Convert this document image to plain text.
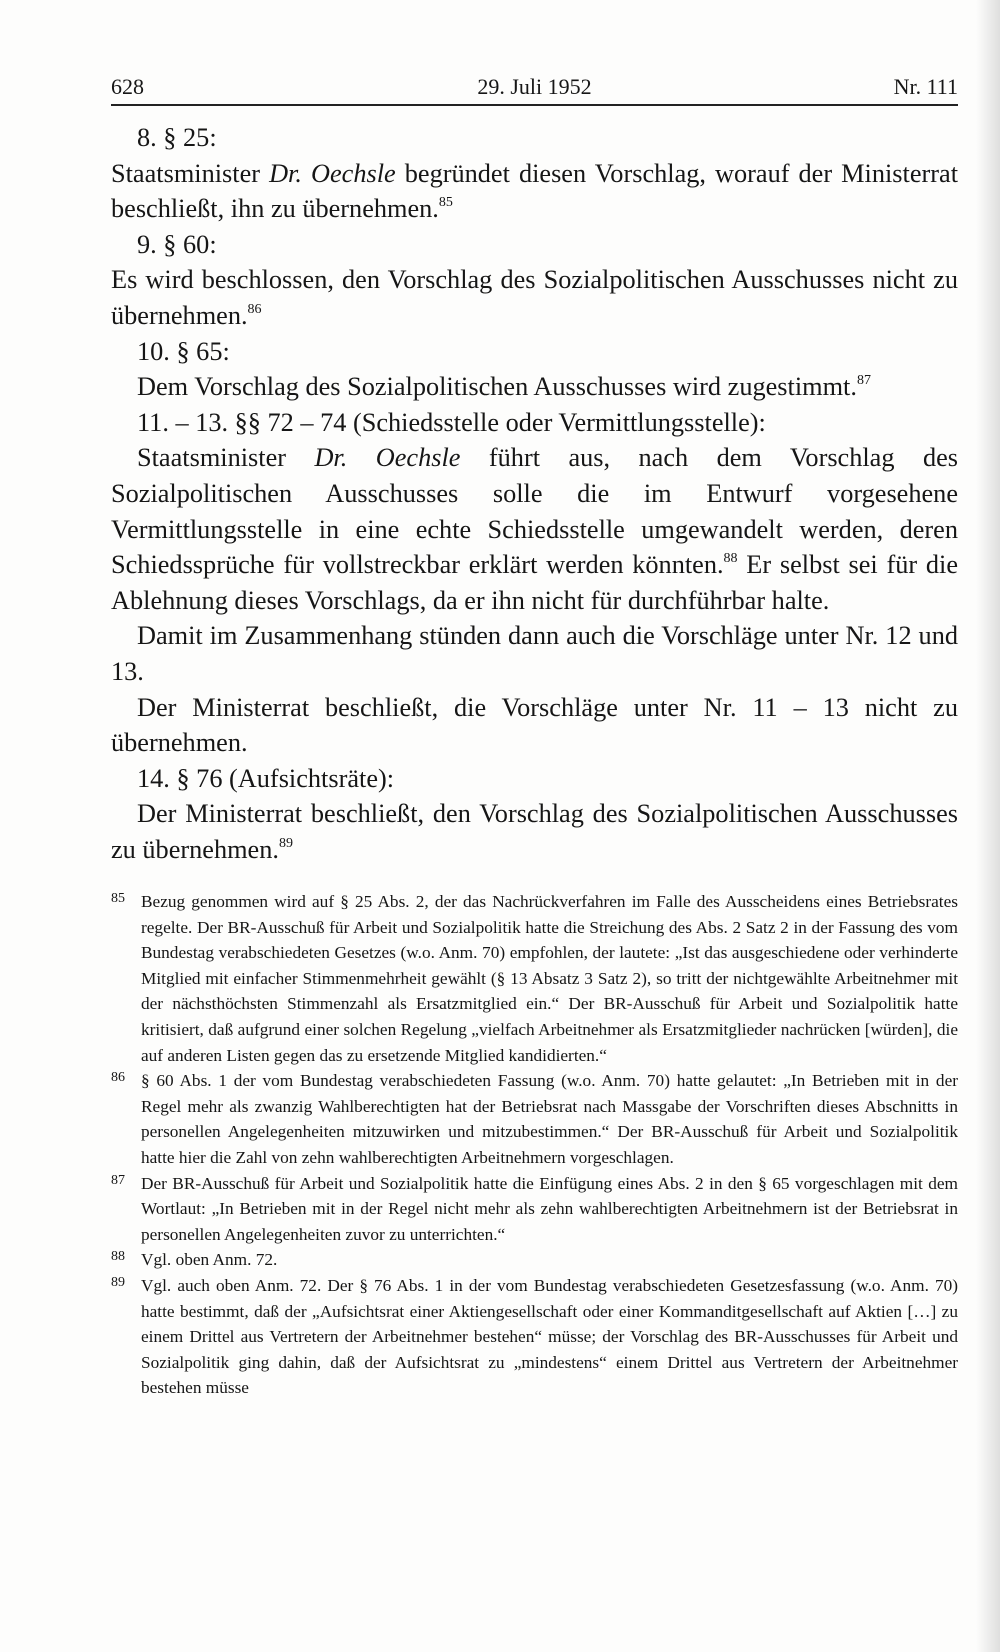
628	29. Juli 1952	Nr. 111

8. § 25:

Staatsminister Dr. Oechsle begründet diesen Vorschlag, worauf der Ministerrat beschließt, ihn zu übernehmen.$^{85}$

9. § 60:

Es wird beschlossen, den Vorschlag des Sozialpolitischen Ausschusses nicht zu übernehmen.$^{86}$

10. § 65:

Dem Vorschlag des Sozialpolitischen Ausschusses wird zugestimmt.$^{87}$

11. – 13. §§ 72 – 74 (Schiedsstelle oder Vermittlungsstelle):

Staatsminister Dr. Oechsle führt aus, nach dem Vorschlag des Sozialpolitischen Ausschusses solle die im Entwurf vorgesehene Vermittlungsstelle in eine echte Schiedsstelle umgewandelt werden, deren Schiedssprüche für vollstreckbar erklärt werden könnten.$^{88}$ Er selbst sei für die Ablehnung dieses Vorschlags, da er ihn nicht für durchführbar halte.

Damit im Zusammenhang stünden dann auch die Vorschläge unter Nr. 12 und 13.

Der Ministerrat beschließt, die Vorschläge unter Nr. 11 – 13 nicht zu übernehmen.

14. § 76 (Aufsichtsräte):

Der Ministerrat beschließt, den Vorschlag des Sozialpolitischen Ausschusses zu übernehmen.$^{89}$

85 Bezug genommen wird auf § 25 Abs. 2, der das Nachrückverfahren im Falle des Ausscheidens eines Betriebsrates regelte. Der BR-Ausschuß für Arbeit und Sozialpolitik hatte die Streichung des Abs. 2 Satz 2 in der Fassung des vom Bundestag verabschiedeten Gesetzes (w.o. Anm. 70) empfohlen, der lautete: „Ist das ausgeschiedene oder verhinderte Mitglied mit einfacher Stimmenmehrheit gewählt (§ 13 Absatz 3 Satz 2), so tritt der nichtgewählte Arbeitnehmer mit der nächsthöchsten Stimmenzahl als Ersatzmitglied ein.“ Der BR-Ausschuß für Arbeit und Sozialpolitik hatte kritisiert, daß aufgrund einer solchen Regelung „vielfach Arbeitnehmer als Ersatzmitglieder nachrücken [würden], die auf anderen Listen gegen das zu ersetzende Mitglied kandidierten.“
86 § 60 Abs. 1 der vom Bundestag verabschiedeten Fassung (w.o. Anm. 70) hatte gelautet: „In Betrieben mit in der Regel mehr als zwanzig Wahlberechtigten hat der Betriebsrat nach Massgabe der Vorschriften dieses Abschnitts in personellen Angelegenheiten mitzuwirken und mitzubestimmen.“ Der BR-Ausschuß für Arbeit und Sozialpolitik hatte hier die Zahl von zehn wahlberechtigten Arbeitnehmern vorgeschlagen.
87 Der BR-Ausschuß für Arbeit und Sozialpolitik hatte die Einfügung eines Abs. 2 in den § 65 vorgeschlagen mit dem Wortlaut: „In Betrieben mit in der Regel nicht mehr als zehn wahlberechtigten Arbeitnehmern ist der Betriebsrat in personellen Angelegenheiten zuvor zu unterrichten.“
88 Vgl. oben Anm. 72.
89 Vgl. auch oben Anm. 72. Der § 76 Abs. 1 in der vom Bundestag verabschiedeten Gesetzesfassung (w.o. Anm. 70) hatte bestimmt, daß der „Aufsichtsrat einer Aktiengesellschaft oder einer Kommanditgesellschaft auf Aktien […] zu einem Drittel aus Vertretern der Arbeitnehmer bestehen“ müsse; der Vorschlag des BR-Ausschusses für Arbeit und Sozialpolitik ging dahin, daß der Aufsichtsrat zu „mindestens“ einem Drittel aus Vertretern der Arbeitnehmer bestehen müsse
